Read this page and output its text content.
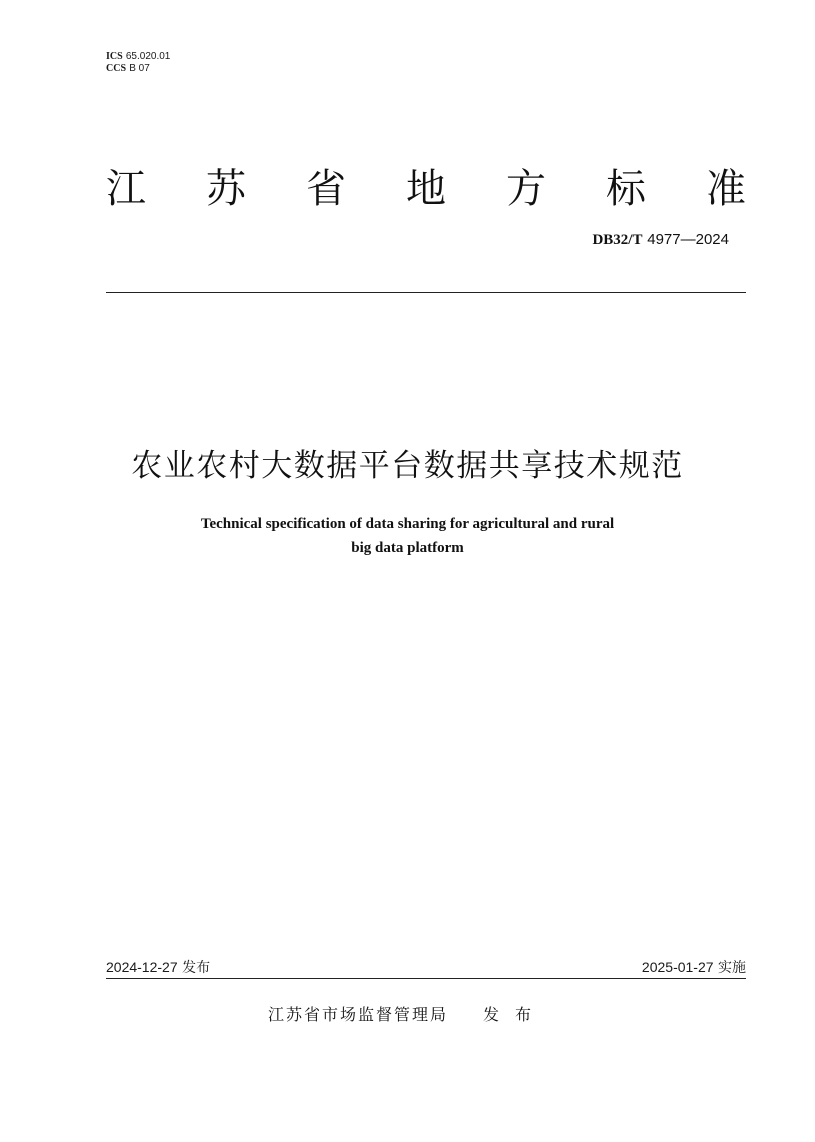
ICS 65.020.01
CCS B 07
江 苏 省 地 方 标 准
DB32/T 4977—2024
农业农村大数据平台数据共享技术规范
Technical specification of data sharing for agricultural and rural
big data platform
2024-12-27 发布	2025-01-27 实施
江苏省市场监督管理局 发布
